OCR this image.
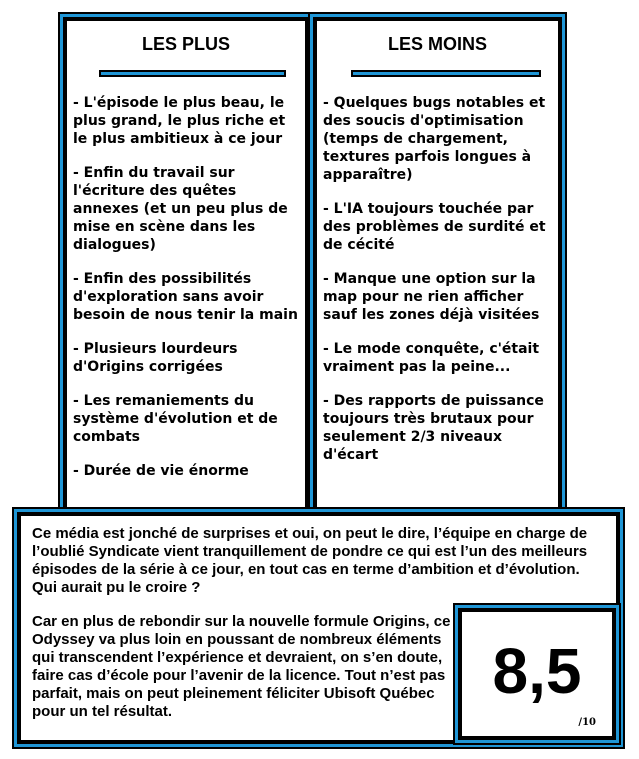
LES PLUS
- L'épisode le plus beau, le plus grand, le plus riche et le plus ambitieux à ce jour
- Enfin du travail sur l'écriture des quêtes annexes (et un peu plus de mise en scène dans les dialogues)
- Enfin des possibilités d'exploration sans avoir besoin de nous tenir la main
- Plusieurs lourdeurs d'Origins corrigées
- Les remaniements du système d'évolution et de combats
- Durée de vie énorme
LES MOINS
- Quelques bugs notables et des soucis d'optimisation (temps de chargement, textures parfois longues à apparaître)
- L'IA toujours touchée par des problèmes de surdité et de cécité
- Manque une option sur la map pour ne rien afficher sauf les zones déjà visitées
- Le mode conquête, c'était vraiment pas la peine...
- Des rapports de puissance toujours très brutaux pour seulement 2/3 niveaux d'écart

Ce média est jonché de surprises et oui, on peut le dire, l’équipe en charge de l’oublié Syndicate vient tranquillement de pondre ce qui est l’un des meilleurs épisodes de la série à ce jour, en tout cas en terme d’ambition et d’évolution. Qui aurait pu le croire ?

Car en plus de rebondir sur la nouvelle formule Origins, ce Odyssey va plus loin en poussant de nombreux éléments qui transcendent l’expérience et devraient, on s’en doute, faire cas d’école pour l’avenir de la licence. Tout n’est pas parfait, mais on peut pleinement féliciter Ubisoft Québec pour un tel résultat.

8,5
/10
